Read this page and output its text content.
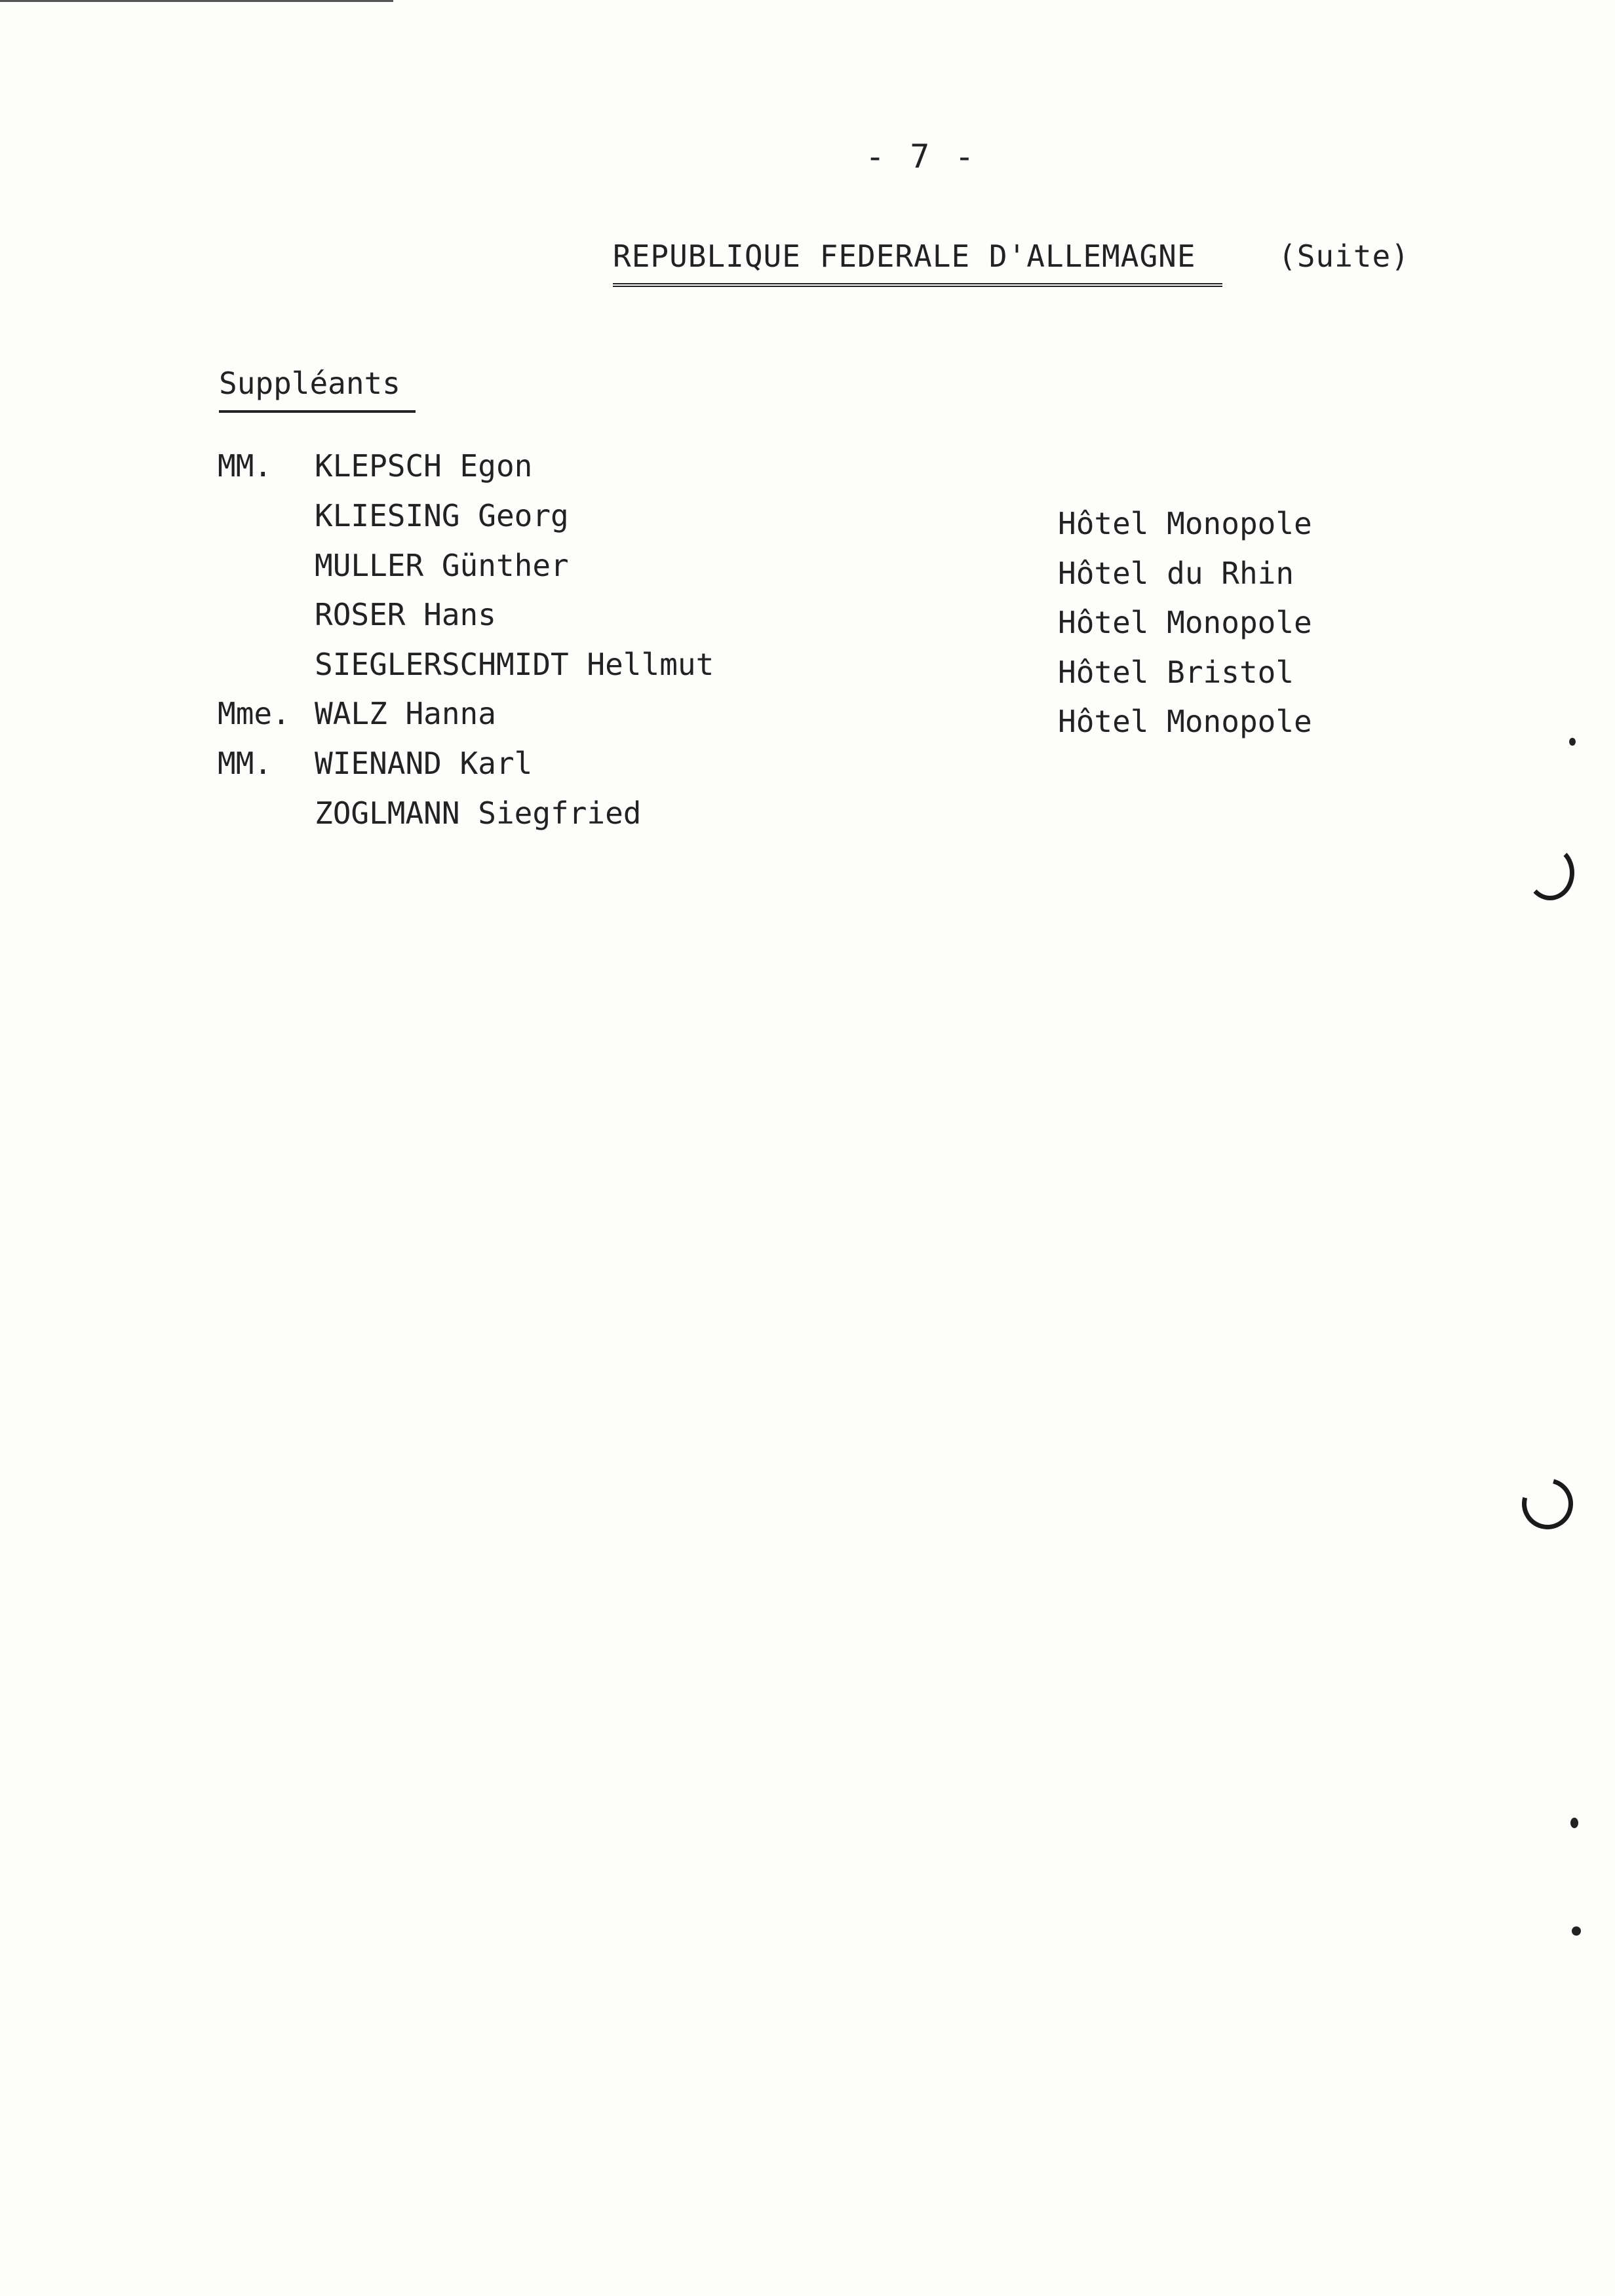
- 7 -
REPUBLIQUE FEDERALE D'ALLEMAGNE	(Suite)
Suppléants
MM. KLEPSCH Egon
KLIESING Georg
MULLER Günther
ROSER Hans
SIEGLERSCHMIDT Hellmut
Mme. WALZ Hanna
MM. WIENAND Karl
ZOGLMANN Siegfried
Hôtel Monopole
Hôtel du Rhin
Hôtel Monopole
Hôtel Bristol
Hôtel Monopole
